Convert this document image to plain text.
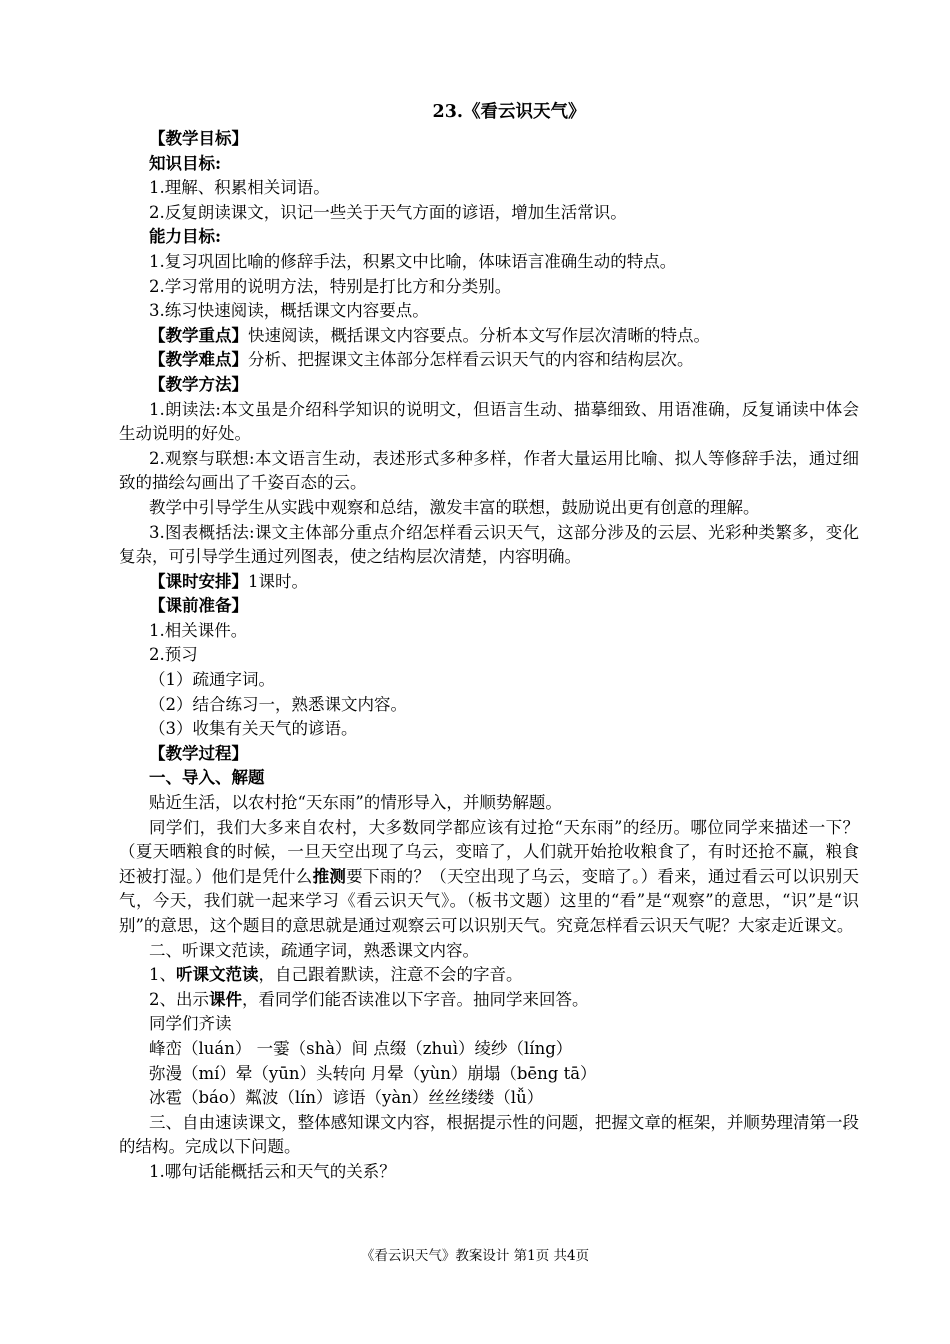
23.《看云识天气》
【教学目标】
知识目标:
1.理解、积累相关词语。
2.反复朗读课文，识记一些关于天气方面的谚语，增加生活常识。
能力目标:
1.复习巩固比喻的修辞手法，积累文中比喻，体味语言准确生动的特点。
2.学习常用的说明方法，特别是打比方和分类别。
3.练习快速阅读，概括课文内容要点。
【教学重点】快速阅读，概括课文内容要点。分析本文写作层次清晰的特点。
【教学难点】分析、把握课文主体部分怎样看云识天气的内容和结构层次。
【教学方法】
1.朗读法:本文虽是介绍科学知识的说明文，但语言生动、描摹细致、用语准确，反复诵读中体会生动说明的好处。
2.观察与联想:本文语言生动，表述形式多种多样，作者大量运用比喻、拟人等修辞手法，通过细致的描绘勾画出了千姿百态的云。
教学中引导学生从实践中观察和总结，激发丰富的联想，鼓励说出更有创意的理解。
3.图表概括法:课文主体部分重点介绍怎样看云识天气，这部分涉及的云层、光彩种类繁多，变化复杂，可引导学生通过列图表，使之结构层次清楚，内容明确。
【课时安排】1课时。
【课前准备】
1.相关课件。
2.预习
（1）疏通字词。
（2）结合练习一，熟悉课文内容。
（3）收集有关天气的谚语。
【教学过程】
一、导入、解题
贴近生活，以农村抢“天东雨”的情形导入，并顺势解题。
同学们，我们大多来自农村，大多数同学都应该有过抢“天东雨”的经历。哪位同学来描述一下？（夏天晒粮食的时候，一旦天空出现了乌云，变暗了，人们就开始抢收粮食了，有时还抢不赢，粮食还被打湿。）他们是凭什么推测要下雨的？（天空出现了乌云，变暗了。）看来，通过看云可以识别天气，今天，我们就一起来学习《看云识天气》。（板书文题）这里的“看”是“观察”的意思，“识”是“识别”的意思，这个题目的意思就是通过观察云可以识别天气。究竟怎样看云识天气呢？大家走近课文。
二、听课文范读，疏通字词，熟悉课文内容。
1、听课文范读，自己跟着默读，注意不会的字音。
2、出示课件，看同学们能否读准以下字音。抽同学来回答。
同学们齐读
峰峦（luán） 一霎（shà）间 点缀（zhuì）绫纱（líng）
弥漫（mí）晕（yūn）头转向 月晕（yùn）崩塌（bēng tā）
冰雹（báo）粼波（lín）谚语（yàn）丝丝缕缕（lǚ）
三、自由速读课文，整体感知课文内容，根据提示性的问题，把握文章的框架，并顺势理清第一段的结构。完成以下问题。
1.哪句话能概括云和天气的关系？
《看云识天气》教案设计 第1页 共4页
